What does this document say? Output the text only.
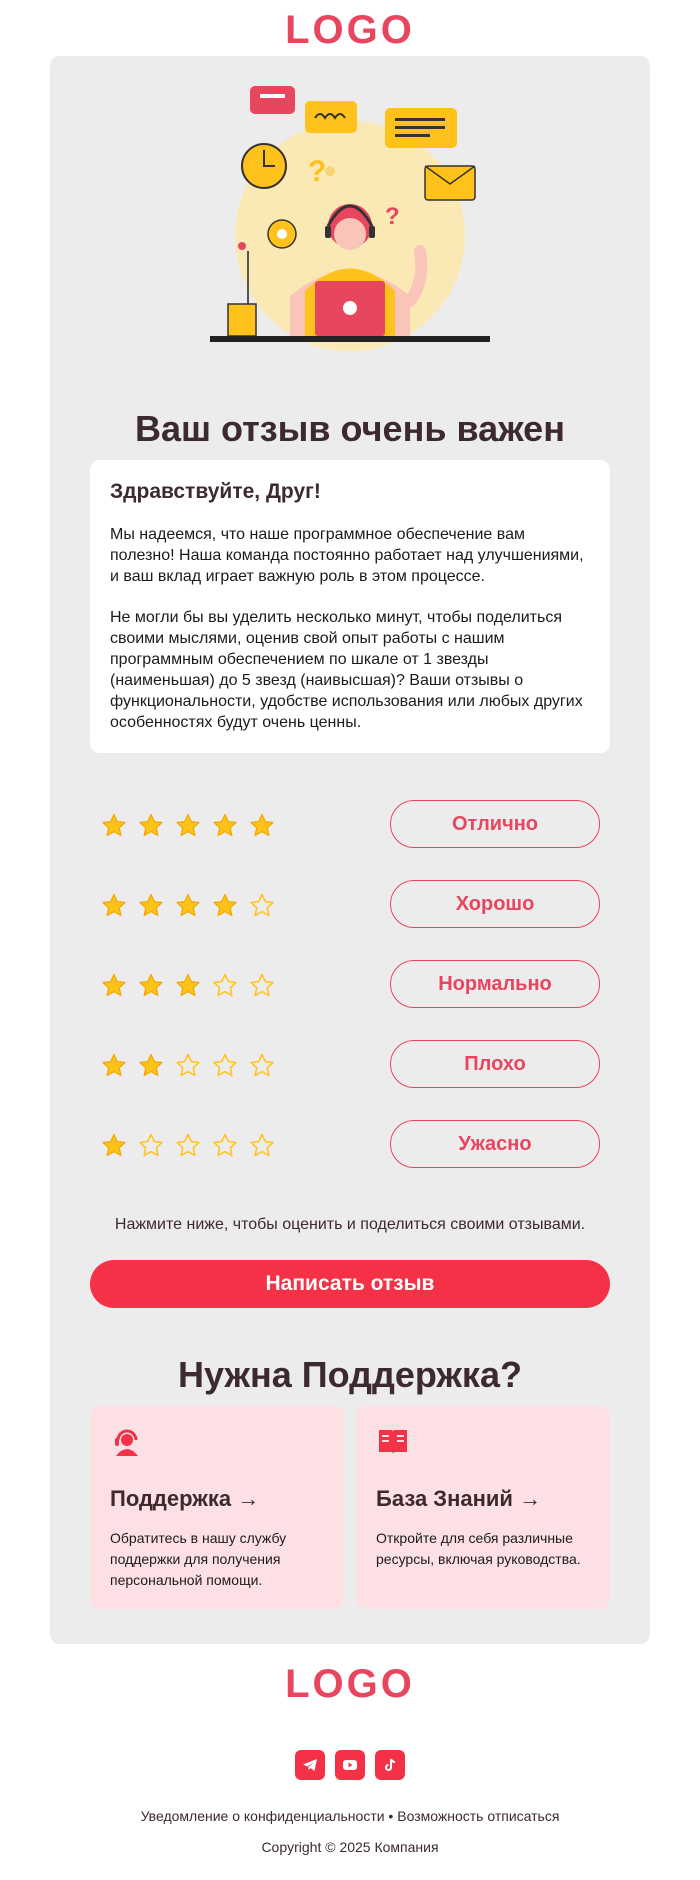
LOGO
?
?
Ваш отзыв очень важен

Здравствуйте, Друг!

Мы надеемся, что наше программное обеспечение вам полезно! Наша команда постоянно работает над улучшениями, и ваш вклад играет важную роль в этом процессе.

Не могли бы вы уделить несколько минут, чтобы поделиться своими мыслями, оценив свой опыт работы с нашим программным обеспечением по шкале от 1 звезды (наименьшая) до 5 звезд (наивысшая)? Ваши отзывы о функциональности, удобстве использования или любых других особенностях будут очень ценны.

Отлично
Хорошо
Нормально
Плохо
Ужасно
Нажмите ниже, чтобы оценить и поделиться своими отзывами.
Написать отзыв
Нужна Поддержка?
Поддержка →
Обратитесь в нашу службу поддержки для получения персональной помощи.
База Знаний →
Откройте для себя различные ресурсы, включая руководства.
LOGO
Уведомление о конфиденциальности • Возможность отписаться
Copyright © 2025 Компания
